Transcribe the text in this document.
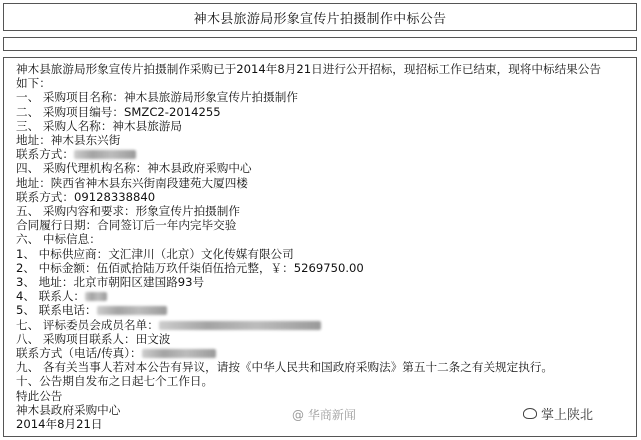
神木县旅游局形象宣传片拍摄制作中标公告
神木县旅游局形象宣传片拍摄制作采购已于2014年8月21日进行公开招标，现招标工作已结束，现将中标结果公告
如下：
一、 采购项目名称：神木县旅游局形象宣传片拍摄制作
二、 采购项目编号：SMZC2-2014255
三、 采购人名称：神木县旅游局
地址：神木县东兴街
联系方式：
四、 采购代理机构名称：神木县政府采购中心
地址：陕西省神木县东兴街南段建苑大厦四楼
联系方式：09128338840
五、 采购内容和要求：形象宣传片拍摄制作
合同履行日期：合同签订后一年内完毕交验
六、 中标信息：
1、 中标供应商：文汇津川（北京）文化传媒有限公司
2、 中标金额：伍佰贰拾陆万玖仟柒佰伍拾元整，￥：5269750.00
3、 地址：北京市朝阳区建国路93号
4、 联系人：
5、 联系电话：
七、 评标委员会成员名单：
八、 采购项目联系人：田文波
联系方式（电话/传真）：
九、 各有关当事人若对本公告有异议，请按《中华人民共和国政府采购法》第五十二条之有关规定执行。
十、公告期自发布之日起七个工作日。
特此公告
神木县政府采购中心
2014年8月21日
@ 华商新闻	掌上陕北
